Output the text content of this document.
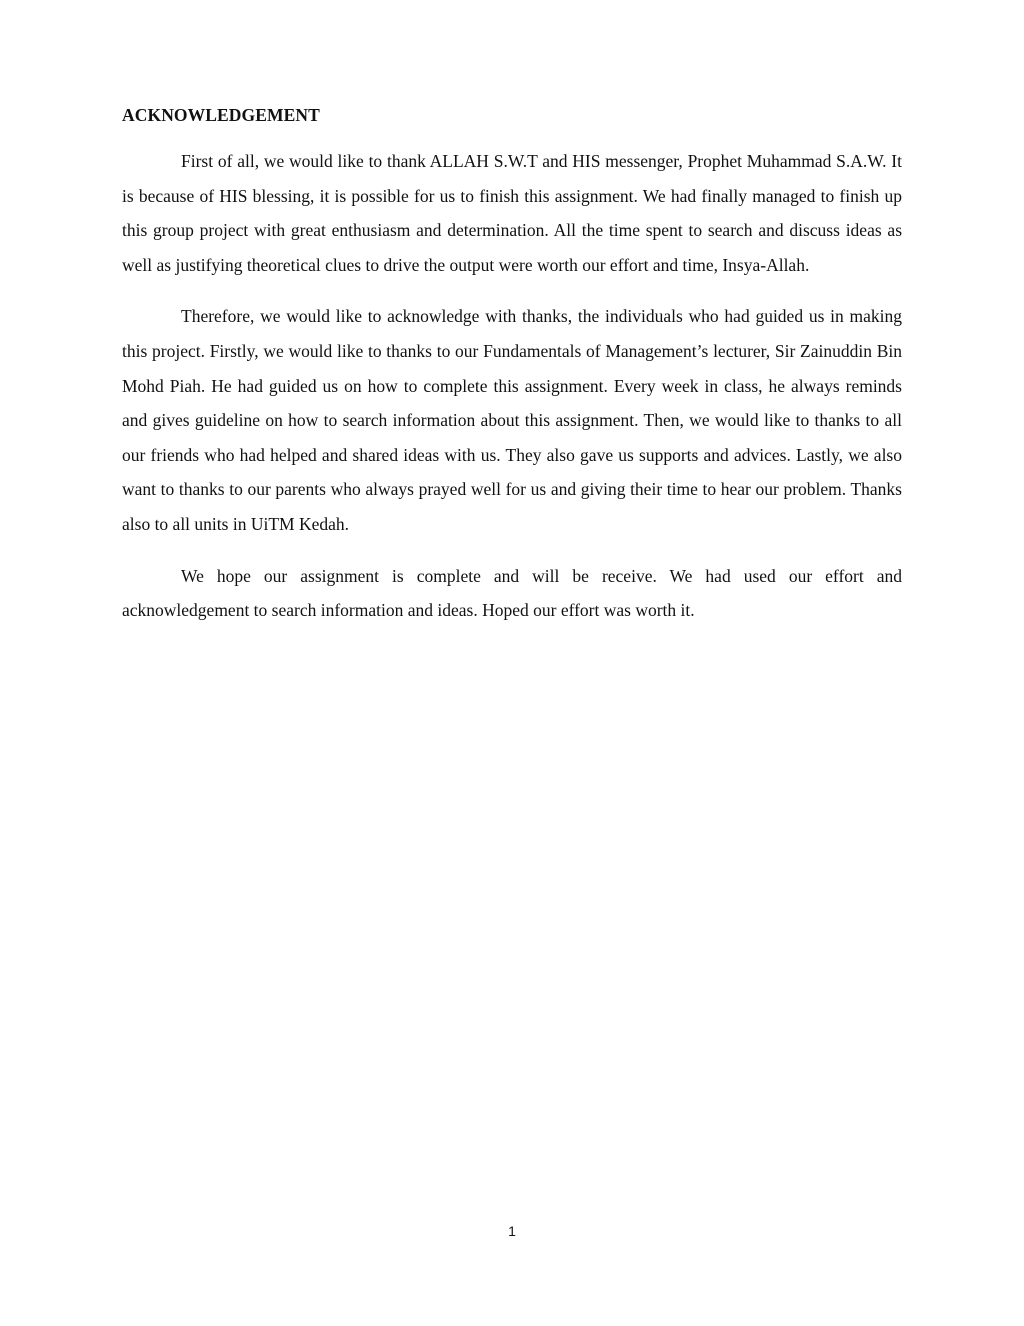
ACKNOWLEDGEMENT

First of all, we would like to thank ALLAH S.W.T and HIS messenger, Prophet Muhammad S.A.W. It is because of HIS blessing, it is possible for us to finish this assignment. We had finally managed to finish up this group project with great enthusiasm and determination. All the time spent to search and discuss ideas as well as justifying theoretical clues to drive the output were worth our effort and time, Insya-Allah.

Therefore, we would like to acknowledge with thanks, the individuals who had guided us in making this project. Firstly, we would like to thanks to our Fundamentals of Management’s lecturer, Sir Zainuddin Bin Mohd Piah. He had guided us on how to complete this assignment. Every week in class, he always reminds and gives guideline on how to search information about this assignment. Then, we would like to thanks to all our friends who had helped and shared ideas with us. They also gave us supports and advices. Lastly, we also want to thanks to our parents who always prayed well for us and giving their time to hear our problem. Thanks also to all units in UiTM Kedah.

We hope our assignment is complete and will be receive. We had used our effort and acknowledgement to search information and ideas. Hoped our effort was worth it.

1
